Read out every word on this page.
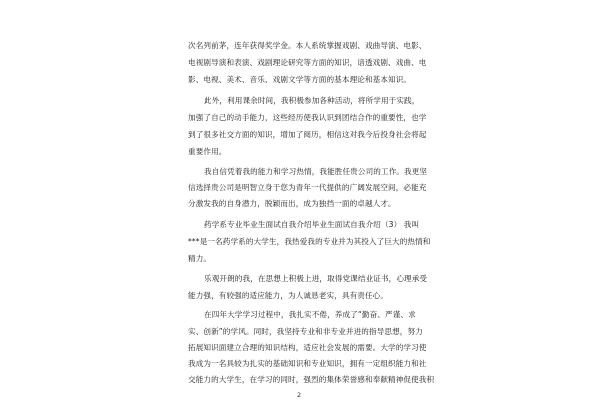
次名列前茅，连年获得奖学金。本人系统掌握戏剧、戏曲导演、电影、
电视剧导演和表演、戏剧理论研究等方面的知识，谙透戏剧、戏曲、电
影、电视、美术、音乐、戏剧文学等方面的基本理论和基本知识。
此外，利用课余时间，我积极参加各种活动，将所学用于实践，
加强了自己的动手能力，这些经历使我认识到团结合作的重要性，也学
到了很多社交方面的知识，增加了阅历，相信这对我今后投身社会将起
重要作用。
我自信凭着我的能力和学习热情，我能胜任贵公司的工作。我更坚
信选择贵公司是明智立身于您为青年一代提供的广阔发展空间，必能充
分激发我的自身潜力，脱颖而出，成为独挡一面的卓越人才。
药学系专业毕业生面试自我介绍毕业生面试自我介绍（3） 我叫
***是一名药学系的大学生，我热爱我的专业并为其投入了巨大的热情和
精力。
乐观开朗的我，在思想上积极上进，取得党课结业证书，心理承受
能力强，有较强的适应能力，为人诚恳老实，具有责任心。
在四年大学学习过程中，我扎实不倦，养成了“勤奋、严谨、求
实、创新”的学风。同时，我坚持专业和非专业并进的指导思想，努力
拓展知识面建立合理的知识结构，适应社会发展的需要。大学的学习使
我成为一名具较为扎实的基础知识和专业知识，拥有一定组织能力和社
交能力的大学生，在学习的同时，强烈的集体荣誉感和奉献精神促使我积
2
